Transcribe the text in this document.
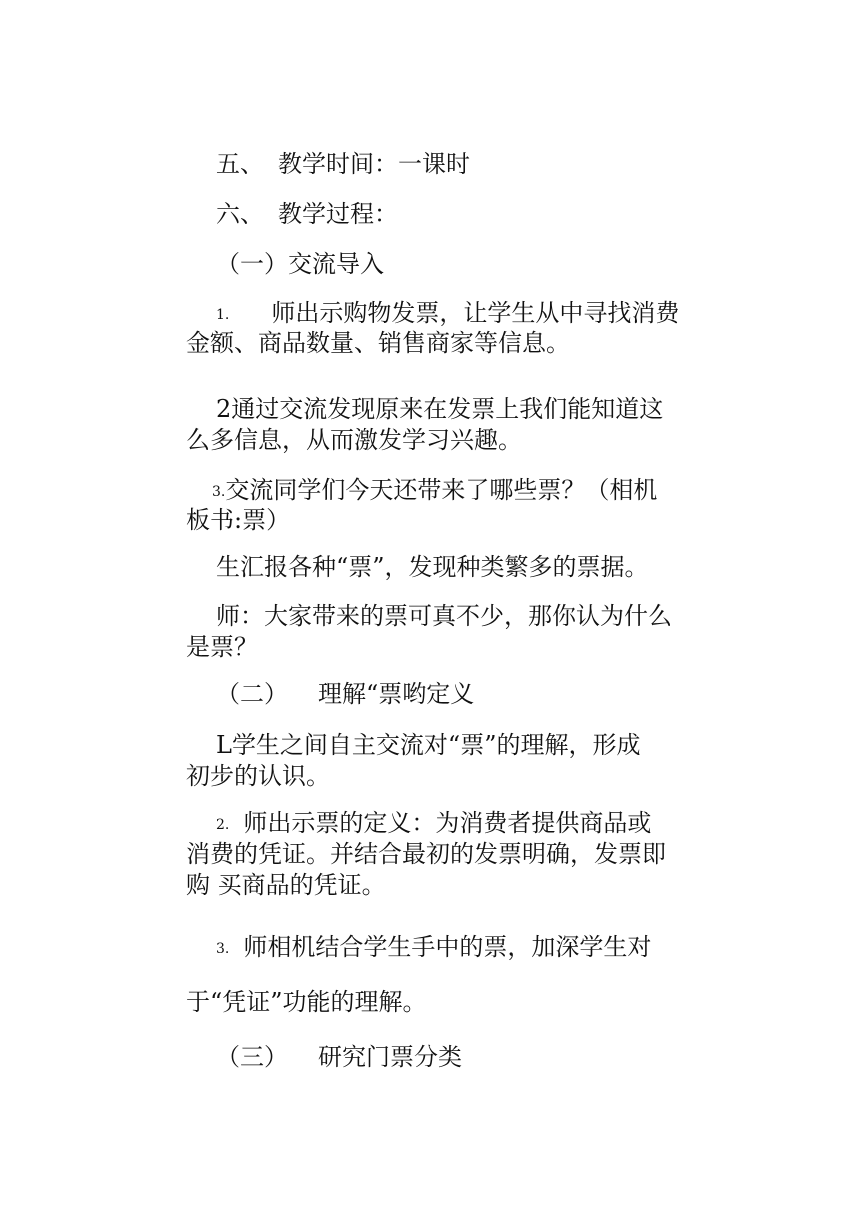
五、 教学时间：一课时

六、 教学过程：

（一）交流导入

1. 师出示购物发票，让学生从中寻找消费

金额、商品数量、销售商家等信息。

2通过交流发现原来在发票上我们能知道这

么多信息，从而激发学习兴趣。

3.交流同学们今天还带来了哪些票？（相机

板书:票）

生汇报各种“票”，发现种类繁多的票据。

师：大家带来的票可真不少，那你认为什么

是票？

（二） 理解“票哟定义

L学生之间自主交流对“票”的理解，形成

初步的认识。

2. 师出示票的定义：为消费者提供商品或

消费的凭证。并结合最初的发票明确，发票即

购 买商品的凭证。

3. 师相机结合学生手中的票，加深学生对

于“凭证”功能的理解。

（三） 研究门票分类
